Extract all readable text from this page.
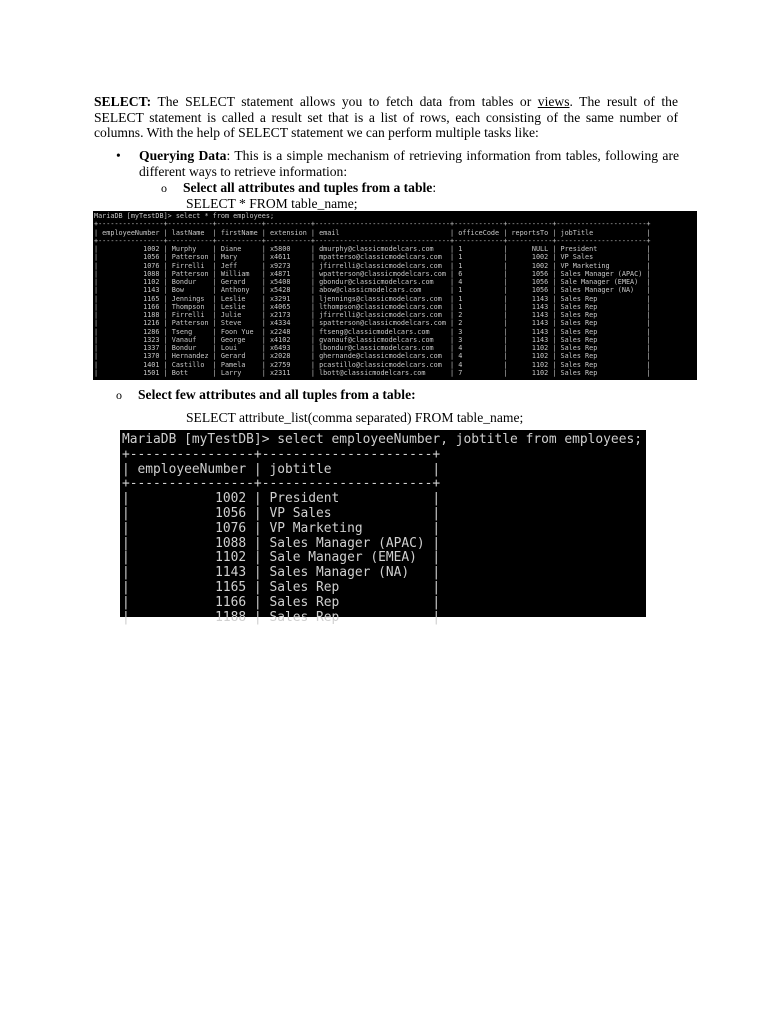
SELECT: The SELECT statement allows you to fetch data from tables or views. The result of the SELECT statement is called a result set that is a list of rows, each consisting of the same number of columns. With the help of SELECT statement we can perform multiple tasks like:

•	Querying Data: This is a simple mechanism of retrieving information from tables, following are different ways to retrieve information:
o Select all attributes and tuples from a table:
SELECT * FROM table_name;
MariaDB [myTestDB]> select * from employees;
+----------------+-----------+-----------+-----------+---------------------------------+------------+-----------+----------------------+
| employeeNumber | lastName  | firstName | extension | email                           | officeCode | reportsTo | jobTitle             |
+----------------+-----------+-----------+-----------+---------------------------------+------------+-----------+----------------------+
|           1002 | Murphy    | Diane     | x5800     | dmurphy@classicmodelcars.com    | 1          |      NULL | President            |
|           1056 | Patterson | Mary      | x4611     | mpatterso@classicmodelcars.com  | 1          |      1002 | VP Sales             |
|           1076 | Firrelli  | Jeff      | x9273     | jfirrelli@classicmodelcars.com  | 1          |      1002 | VP Marketing         |
|           1088 | Patterson | William   | x4871     | wpatterson@classicmodelcars.com | 6          |      1056 | Sales Manager (APAC) |
|           1102 | Bondur    | Gerard    | x5408     | gbondur@classicmodelcars.com    | 4          |      1056 | Sale Manager (EMEA)  |
|           1143 | Bow       | Anthony   | x5428     | abow@classicmodelcars.com       | 1          |      1056 | Sales Manager (NA)   |
|           1165 | Jennings  | Leslie    | x3291     | ljennings@classicmodelcars.com  | 1          |      1143 | Sales Rep            |
|           1166 | Thompson  | Leslie    | x4065     | lthompson@classicmodelcars.com  | 1          |      1143 | Sales Rep            |
|           1188 | Firrelli  | Julie     | x2173     | jfirrelli@classicmodelcars.com  | 2          |      1143 | Sales Rep            |
|           1216 | Patterson | Steve     | x4334     | spatterson@classicmodelcars.com | 2          |      1143 | Sales Rep            |
|           1286 | Tseng     | Foon Yue  | x2248     | ftseng@classicmodelcars.com     | 3          |      1143 | Sales Rep            |
|           1323 | Vanauf    | George    | x4102     | gvanauf@classicmodelcars.com    | 3          |      1143 | Sales Rep            |
|           1337 | Bondur    | Loui      | x6493     | lbondur@classicmodelcars.com    | 4          |      1102 | Sales Rep            |
|           1370 | Hernandez | Gerard    | x2028     | ghernande@classicmodelcars.com  | 4          |      1102 | Sales Rep            |
|           1401 | Castillo  | Pamela    | x2759     | pcastillo@classicmodelcars.com  | 4          |      1102 | Sales Rep            |
|           1501 | Bott      | Larry     | x2311     | lbott@classicmodelcars.com      | 7          |      1102 | Sales Rep            |
o Select few attributes and all tuples from a table:
SELECT attribute_list(comma separated) FROM table_name;
MariaDB [myTestDB]> select employeeNumber, jobtitle from employees;
+----------------+----------------------+
| employeeNumber | jobtitle             |
+----------------+----------------------+
|           1002 | President            |
|           1056 | VP Sales             |
|           1076 | VP Marketing         |
|           1088 | Sales Manager (APAC) |
|           1102 | Sale Manager (EMEA)  |
|           1143 | Sales Manager (NA)   |
|           1165 | Sales Rep            |
|           1166 | Sales Rep            |
|           1188 | Sales Rep            |
